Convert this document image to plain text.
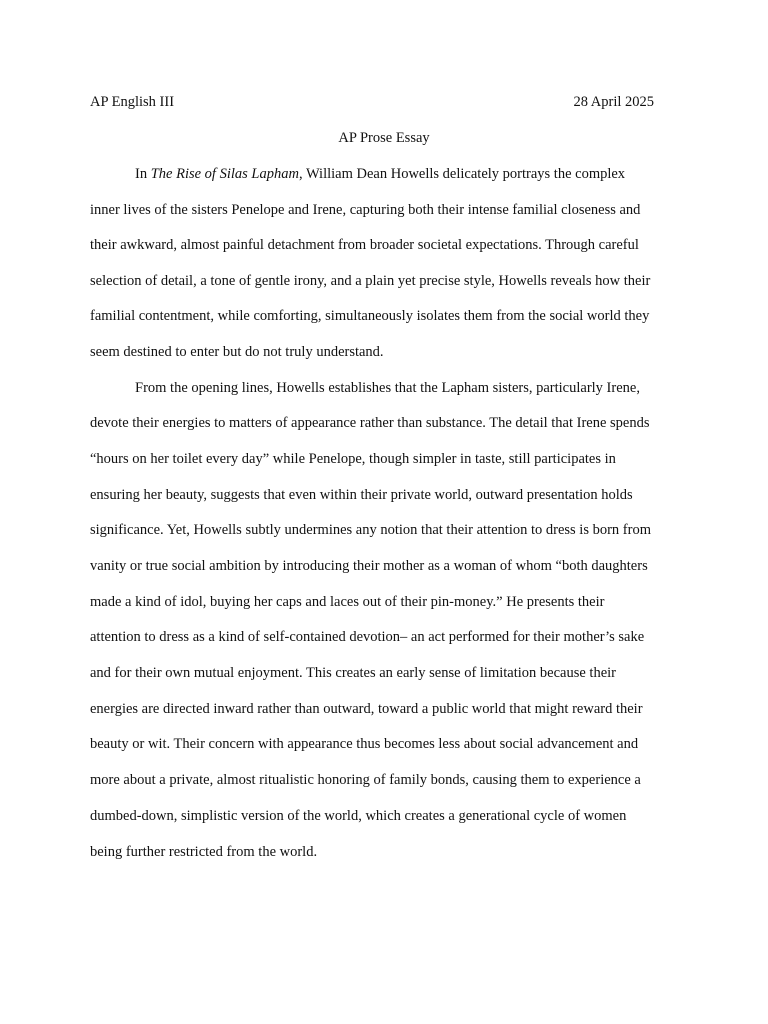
AP English III	28 April 2025
AP Prose Essay
In The Rise of Silas Lapham, William Dean Howells delicately portrays the complex
inner lives of the sisters Penelope and Irene, capturing both their intense familial closeness and
their awkward, almost painful detachment from broader societal expectations. Through careful
selection of detail, a tone of gentle irony, and a plain yet precise style, Howells reveals how their
familial contentment, while comforting, simultaneously isolates them from the social world they
seem destined to enter but do not truly understand.
From the opening lines, Howells establishes that the Lapham sisters, particularly Irene,
devote their energies to matters of appearance rather than substance. The detail that Irene spends
“hours on her toilet every day” while Penelope, though simpler in taste, still participates in
ensuring her beauty, suggests that even within their private world, outward presentation holds
significance. Yet, Howells subtly undermines any notion that their attention to dress is born from
vanity or true social ambition by introducing their mother as a woman of whom “both daughters
made a kind of idol, buying her caps and laces out of their pin-money.” He presents their
attention to dress as a kind of self-contained devotion– an act performed for their mother’s sake
and for their own mutual enjoyment. This creates an early sense of limitation because their
energies are directed inward rather than outward, toward a public world that might reward their
beauty or wit. Their concern with appearance thus becomes less about social advancement and
more about a private, almost ritualistic honoring of family bonds, causing them to experience a
dumbed-down, simplistic version of the world, which creates a generational cycle of women
being further restricted from the world.
